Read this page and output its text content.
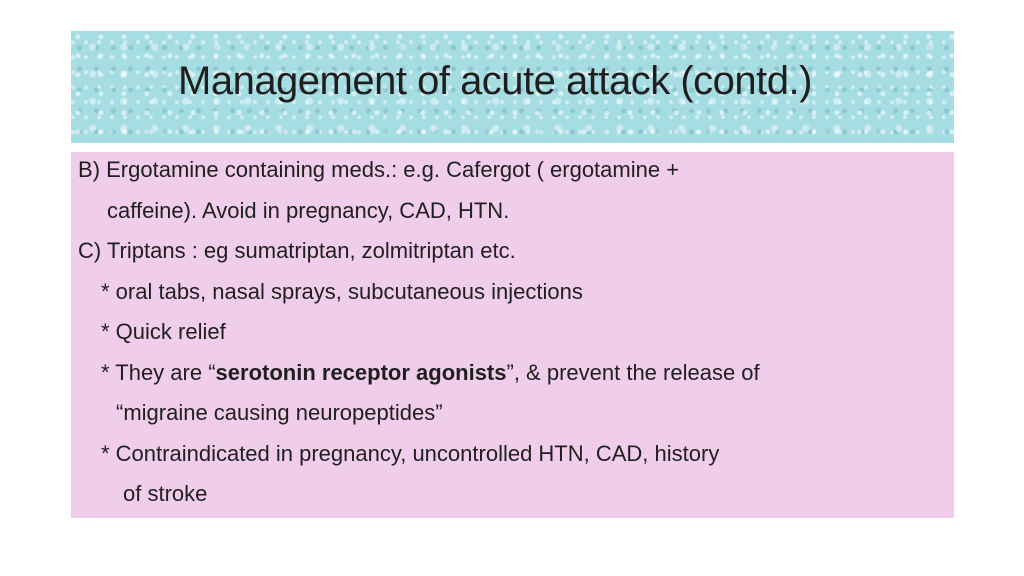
Management of acute attack (contd.)
B) Ergotamine containing meds.: e.g. Cafergot ( ergotamine +
caffeine). Avoid in pregnancy, CAD, HTN.
C) Triptans : eg sumatriptan, zolmitriptan etc.
* oral tabs, nasal sprays, subcutaneous injections
* Quick relief
* They are “serotonin receptor agonists”, & prevent the release of
“migraine causing neuropeptides”
* Contraindicated in pregnancy, uncontrolled HTN, CAD, history
of stroke
